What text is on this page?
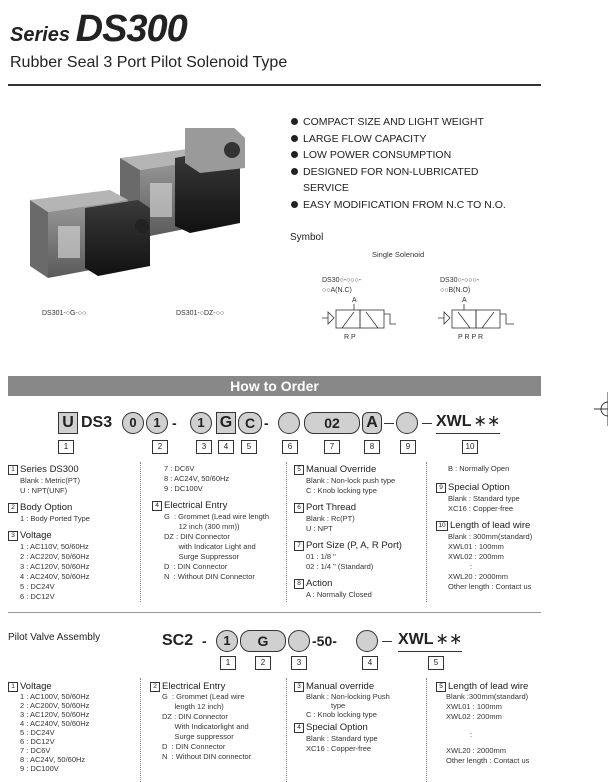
Series DS300
Rubber Seal 3 Port Pilot Solenoid Type
DS301-○G-○○	DS301-○DZ-○○
COMPACT SIZE AND LIGHT WEIGHT
LARGE FLOW CAPACITY
LOW POWER CONSUMPTION
DESIGNED FOR NON-LUBRICATED
SERVICE
EASY MODIFICATION FROM N.C TO N.O.
Symbol
Single Solenoid
DS30○-○○○-
○○A(N.C)
DS30○-○○○-
○○B(N.O)
A
R P
A
P R P R
How to Order
U DS3	0	1 -	1 G C -	02	A	XWL ∗∗
1	2	3	4	5	6	7	8	9	10
1 Series DS300
Blank : Metric(PT)
U : NPT(UNF)
2 Body Option
1 : Body Ported Type
3 Voltage
1 : AC110V, 50/60Hz
2 : AC220V, 50/60Hz
3 : AC120V, 50/60Hz
4 : AC240V, 50/60Hz
5 : DC24V
6 : DC12V
7 : DC6V
8 : AC24V, 50/60Hz
9 : DC100V
4 Electrical Entry
G  : Grommet (Lead wire length
12 inch (300 mm))
DZ : DIN Connector
with Indicator Light and
Surge Suppressor
D  : DIN Connector
N  : Without DIN Connector
5 Manual Override
Blank : Non-lock push type
C : Knob locking type
6 Port Thread
Blank : Rc(PT)
U : NPT
7 Port Size (P, A, R Port)
01 : 1/8 "
02 : 1/4 " (Standard)
8 Action
A : Normally Closed
B : Normally Open
9 Special Option
Blank : Standard type
XC16 : Copper-free
10 Length of lead wire
Blank : 300mm(standard)
XWL01 : 100mm
XWL02 : 200mm
:
XWL20 : 2000mm
Other length : Contact us
Pilot Valve Assembly	SC2 -	1	G	-50-	XWL ∗∗
1	2	3	4	5
1 Voltage
1 : AC100V, 50/60Hz
2 : AC200V, 50/60Hz
3 : AC120V, 50/60Hz
4 : AC240V, 50/60Hz
5 : DC24V
6 : DC12V
7 : DC6V
8 : AC24V, 50/60Hz
9 : DC100V
2 Electrical Entry
G  : Grommet (Lead wire
length 12 inch)
DZ : DIN Connector
With Indicatorlight and
Surge suppressor
D  : DIN Connector
N  : Without DIN connector
3 Manual override
Blank : Non-locking Push
type
C : Knob locking type
4 Special Option
Blank : Standard type
XC16 : Copper-free
5 Length of lead wire
Blank :300mm(standard)
XWL01 : 100mm
XWL02 : 200mm
:
XWL20 : 2000mm
Other length : Contact us
